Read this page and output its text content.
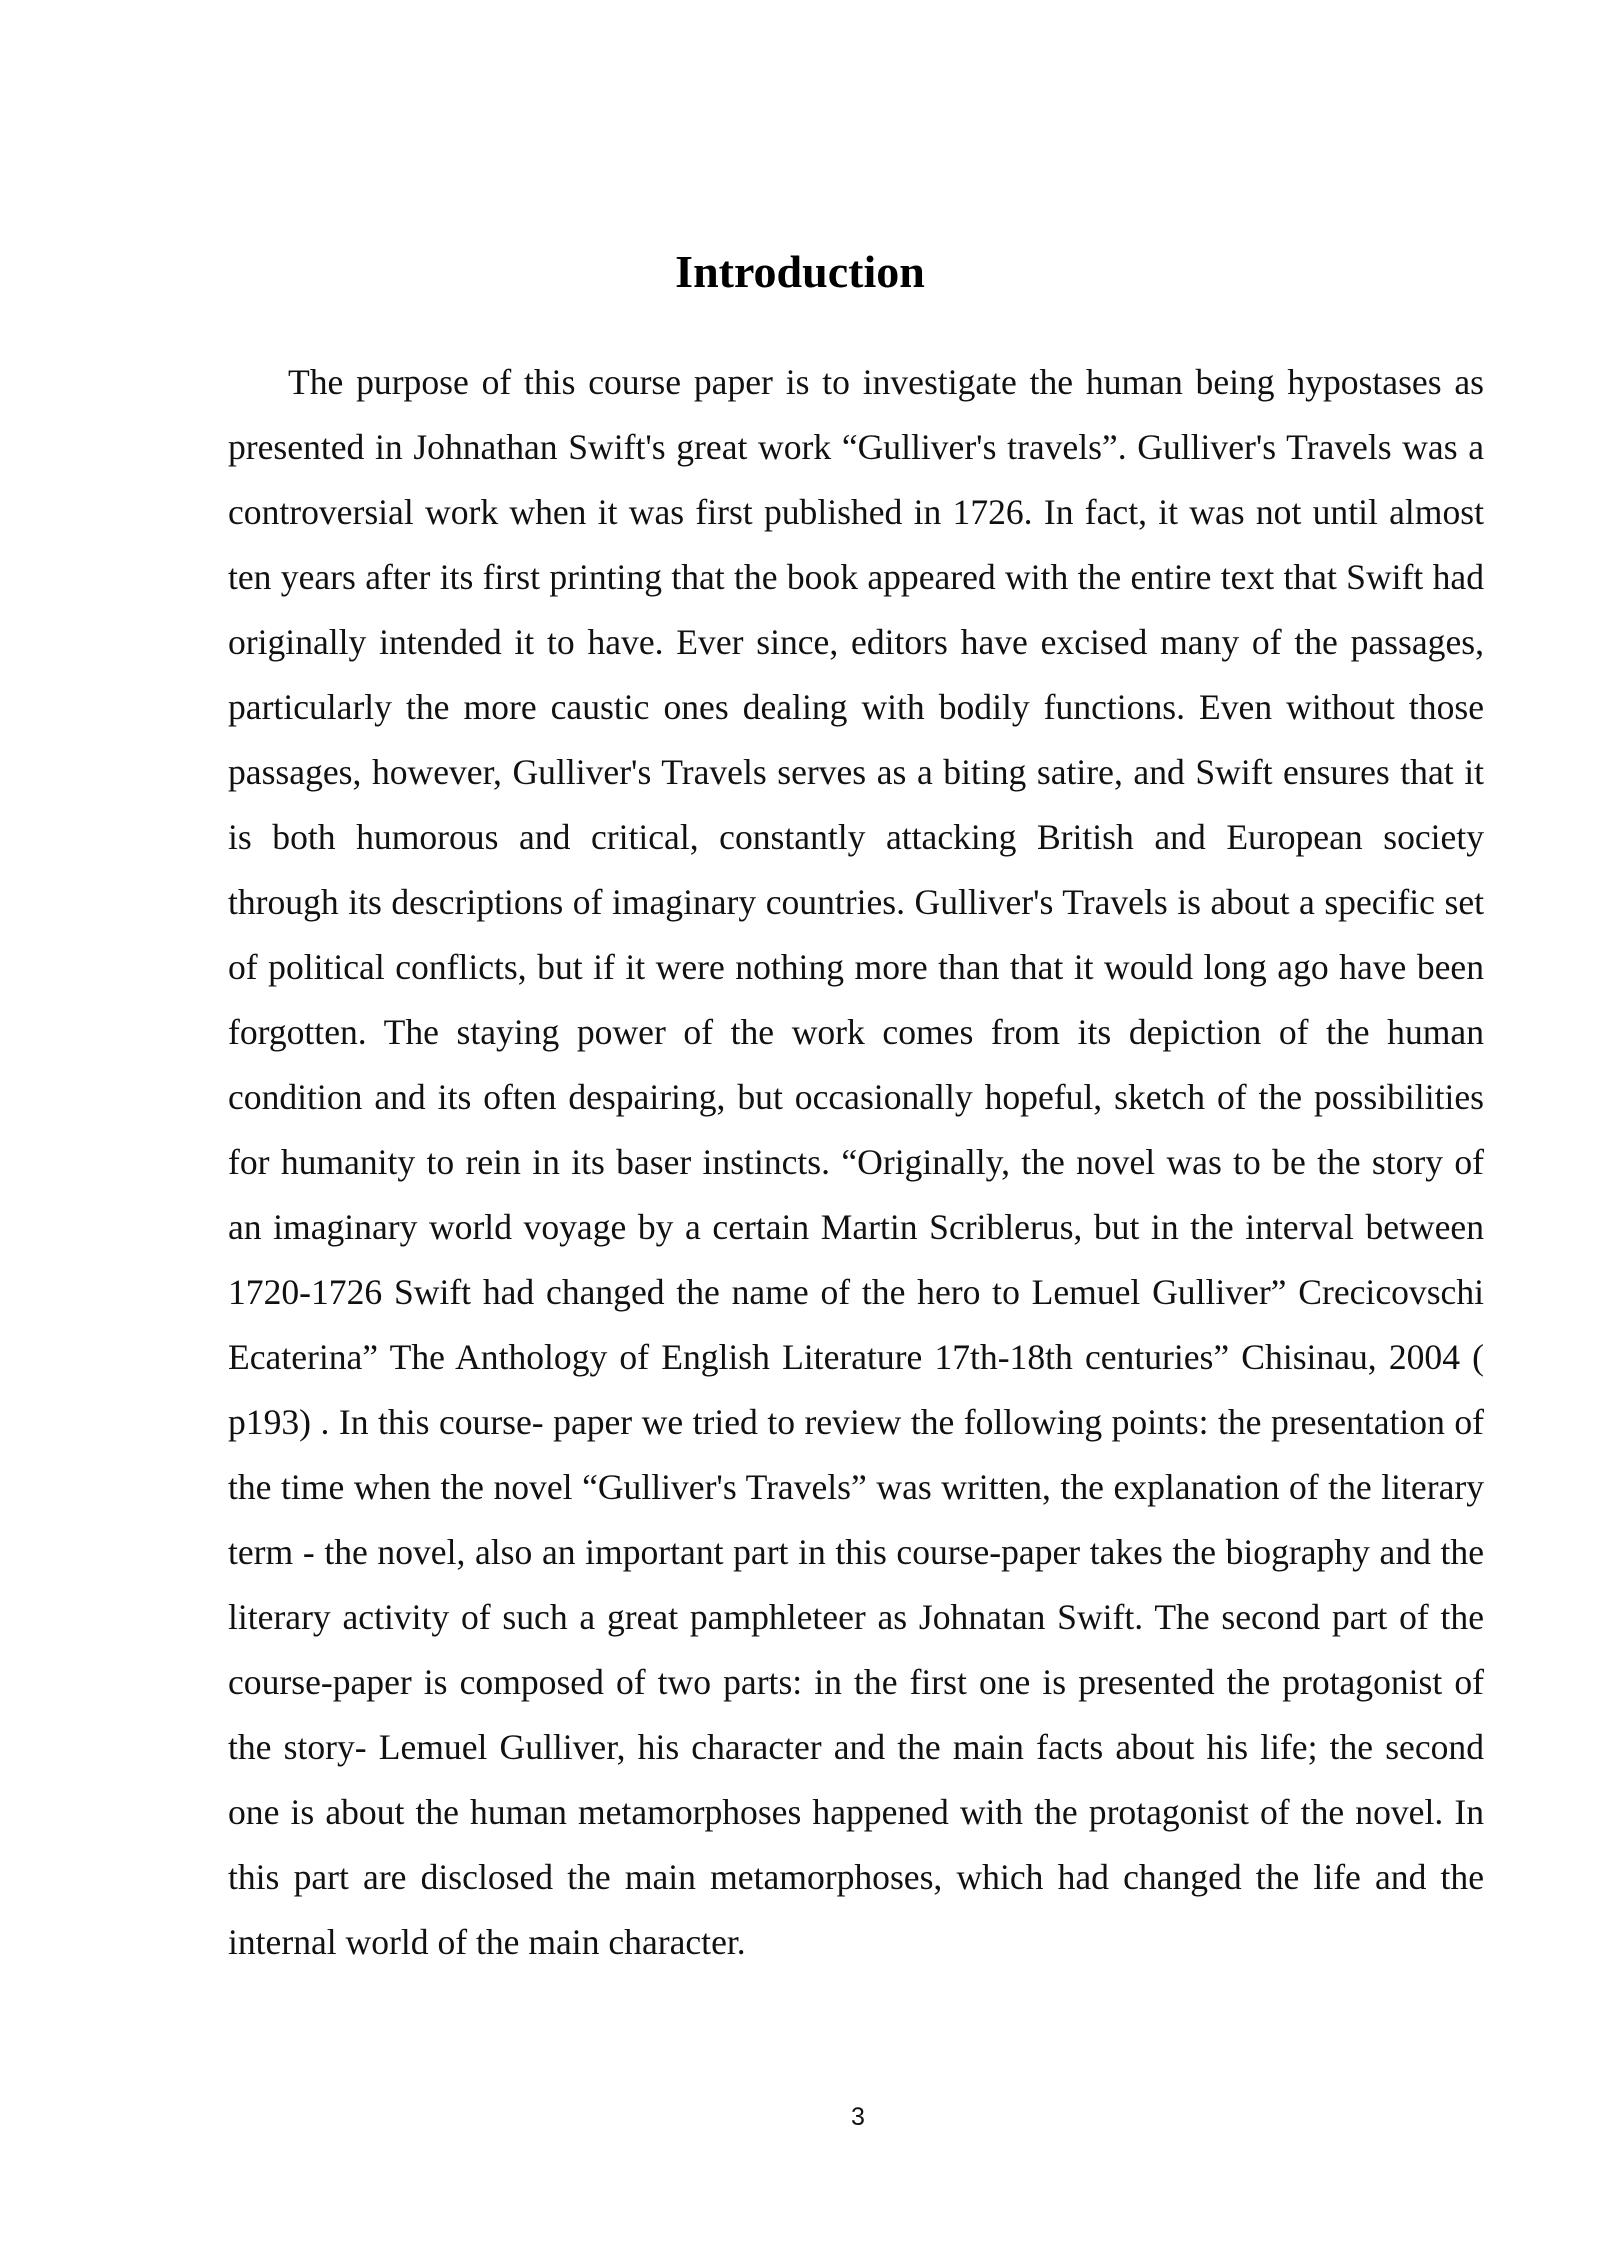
Introduction

The purpose of this course paper is to investigate the human being hypostases as presented in Johnathan Swift's great work “Gulliver's travels”. Gulliver's Travels was a controversial work when it was first published in 1726. In fact, it was not until almost ten years after its first printing that the book appeared with the entire text that Swift had originally intended it to have. Ever since, editors have excised many of the passages, particularly the more caustic ones dealing with bodily functions. Even without those passages, however, Gulliver's Travels serves as a biting satire, and Swift ensures that it is both humorous and critical, constantly attacking British and European society through its descriptions of imaginary countries. Gulliver's Travels is about a specific set of political conflicts, but if it were nothing more than that it would long ago have been forgotten. The staying power of the work comes from its depiction of the human condition and its often despairing, but occasionally hopeful, sketch of the possibilities for humanity to rein in its baser instincts. “Originally, the novel was to be the story of an imaginary world voyage by a certain Martin Scriblerus, but in the interval between 1720-1726 Swift had changed the name of the hero to Lemuel Gulliver” Crecicovschi Ecaterina” The Anthology of English Literature 17th-18th centuries” Chisinau, 2004 ( p193) . In this course- paper we tried to review the following points: the presentation of the time when the novel “Gulliver's Travels” was written, the explanation of the literary term - the novel, also an important part in this course-paper takes the biography and the literary activity of such a great pamphleteer as Johnatan Swift. The second part of the course-paper is composed of two parts: in the first one is presented the protagonist of the story- Lemuel Gulliver, his character and the main facts about his life; the second one is about the human metamorphoses happened with the protagonist of the novel. In this part are disclosed the main metamorphoses, which had changed the life and the internal world of the main character.

3
